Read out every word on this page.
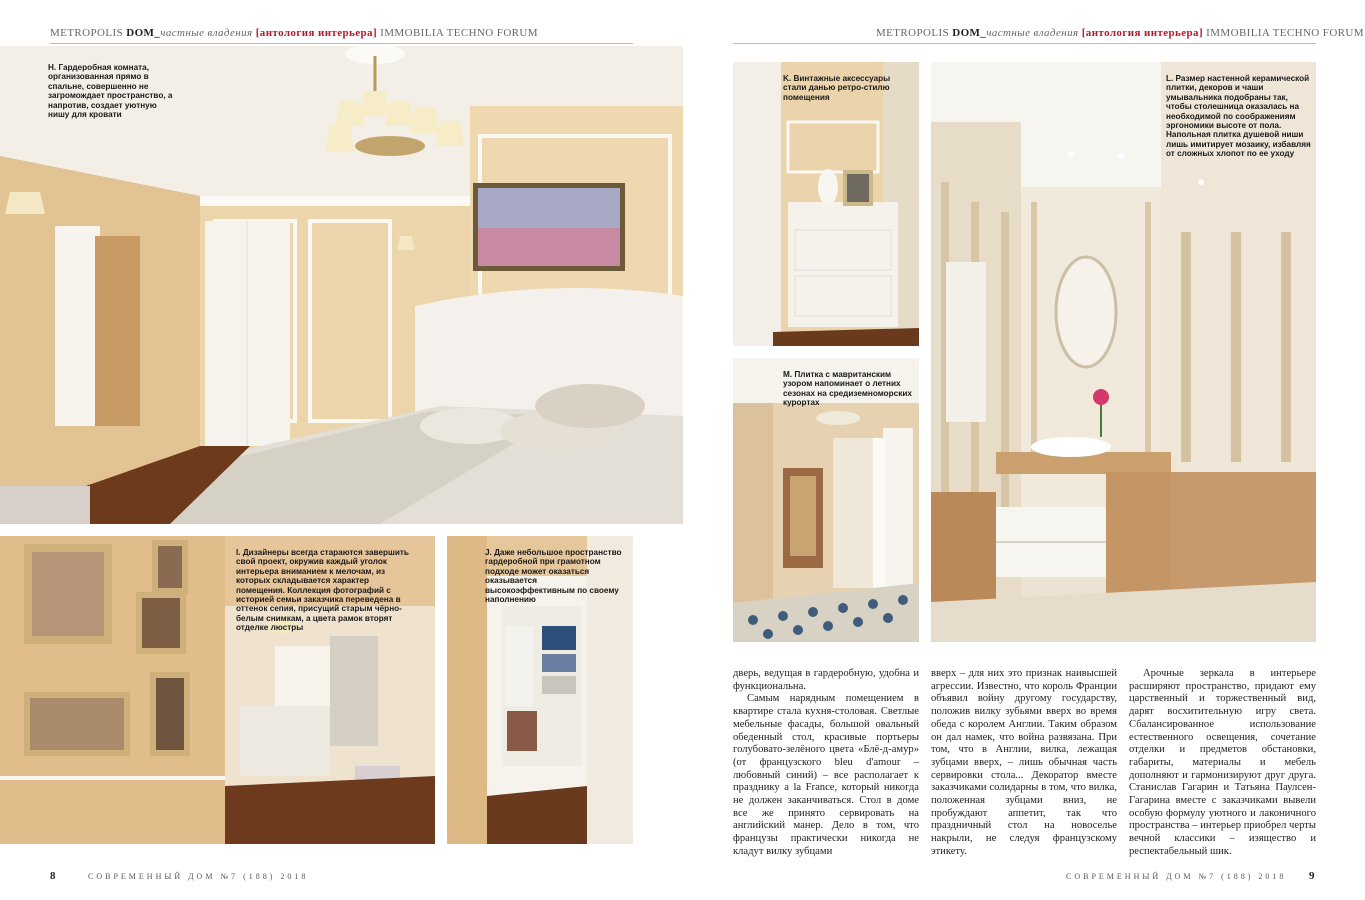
METROPOLIS DOM_частные владения [антология интерьера] IMMOBILIA TECHNO FORUM	METROPOLIS DOM_частные владения [антология интерьера] IMMOBILIA TECHNO FORUM
H. Гардеробная комната, организованная прямо в спальне, совершенно не загромождает пространство, а напротив, создает уютную нишу для кровати
I. Дизайнеры всегда стараются завершить свой проект, окружив каждый уголок интерьера вниманием к мелочам, из которых складывается характер помещения. Коллекция фотографий с историей семьи заказчика переведена в оттенок сепия, присущий старым чёрно-белым снимкам, а цвета рамок вторят отделке люстры
J. Даже небольшое пространство гардеробной при грамотном подходе может оказаться оказывается высокоэффективным по своему наполнению
K. Винтажные аксессуары стали данью ретро-стилю помещения
M. Плитка с мавританским узором напоминает о летних сезонах на средиземноморских курортах
L. Размер настенной керамической плитки, декоров и чаши умывальника подобраны так, чтобы столешница оказалась на необходимой по соображениям эргономики высоте от пола. Напольная плитка душевой ниши лишь имитирует мозаику, избавляя от сложных хлопот по ее уходу

дверь, ведущая в гардеробную, удобна и функциональна.

Самым нарядным помещением в квартире стала кухня-столовая. Светлые мебельные фасады, большой овальный обеденный стол, красивые портьеры голубовато-зелёного цвета «Блё-д-амур» (от французского bleu d'amour – любовный синий) – все располагает к празднику а la France, который никогда не должен заканчиваться. Стол в доме все же принято сервировать на английский манер. Дело в том, что французы практически никогда не кладут вилку зубцами

вверх – для них это признак наивысшей агрессии. Известно, что король Франции объявил войну другому государству, положив вилку зубьями вверх во время обеда с королем Англии. Таким образом он дал намек, что война развязана. При том, что в Англии, вилка, лежащая зубцами вверх, – лишь обычная часть сервировки стола... Декоратор вместе заказчиками солидарны в том, что вилка, положенная зубцами вниз, не пробуждают аппетит, так что праздничный стол на новоселье накрыли, не следуя французскому этикету.

Арочные зеркала в интерьере расширяют пространство, придают ему царственный и торжественный вид, дарят восхитительную игру света. Сбалансированное использование естественного освещения, сочетание отделки и предметов обстановки, габариты, материалы и мебель дополняют и гармонизируют друг друга. Станислав Гагарин и Татьяна Паулсен-Гагарина вместе с заказчиками вывели особую формулу уютного и лаконичного пространства – интерьер приобрел черты вечной классики – изящество и респектабельный шик.

8	СОВРЕМЕННЫЙ ДОМ №7 (188) 2018	СОВРЕМЕННЫЙ ДОМ №7 (188) 2018 9
